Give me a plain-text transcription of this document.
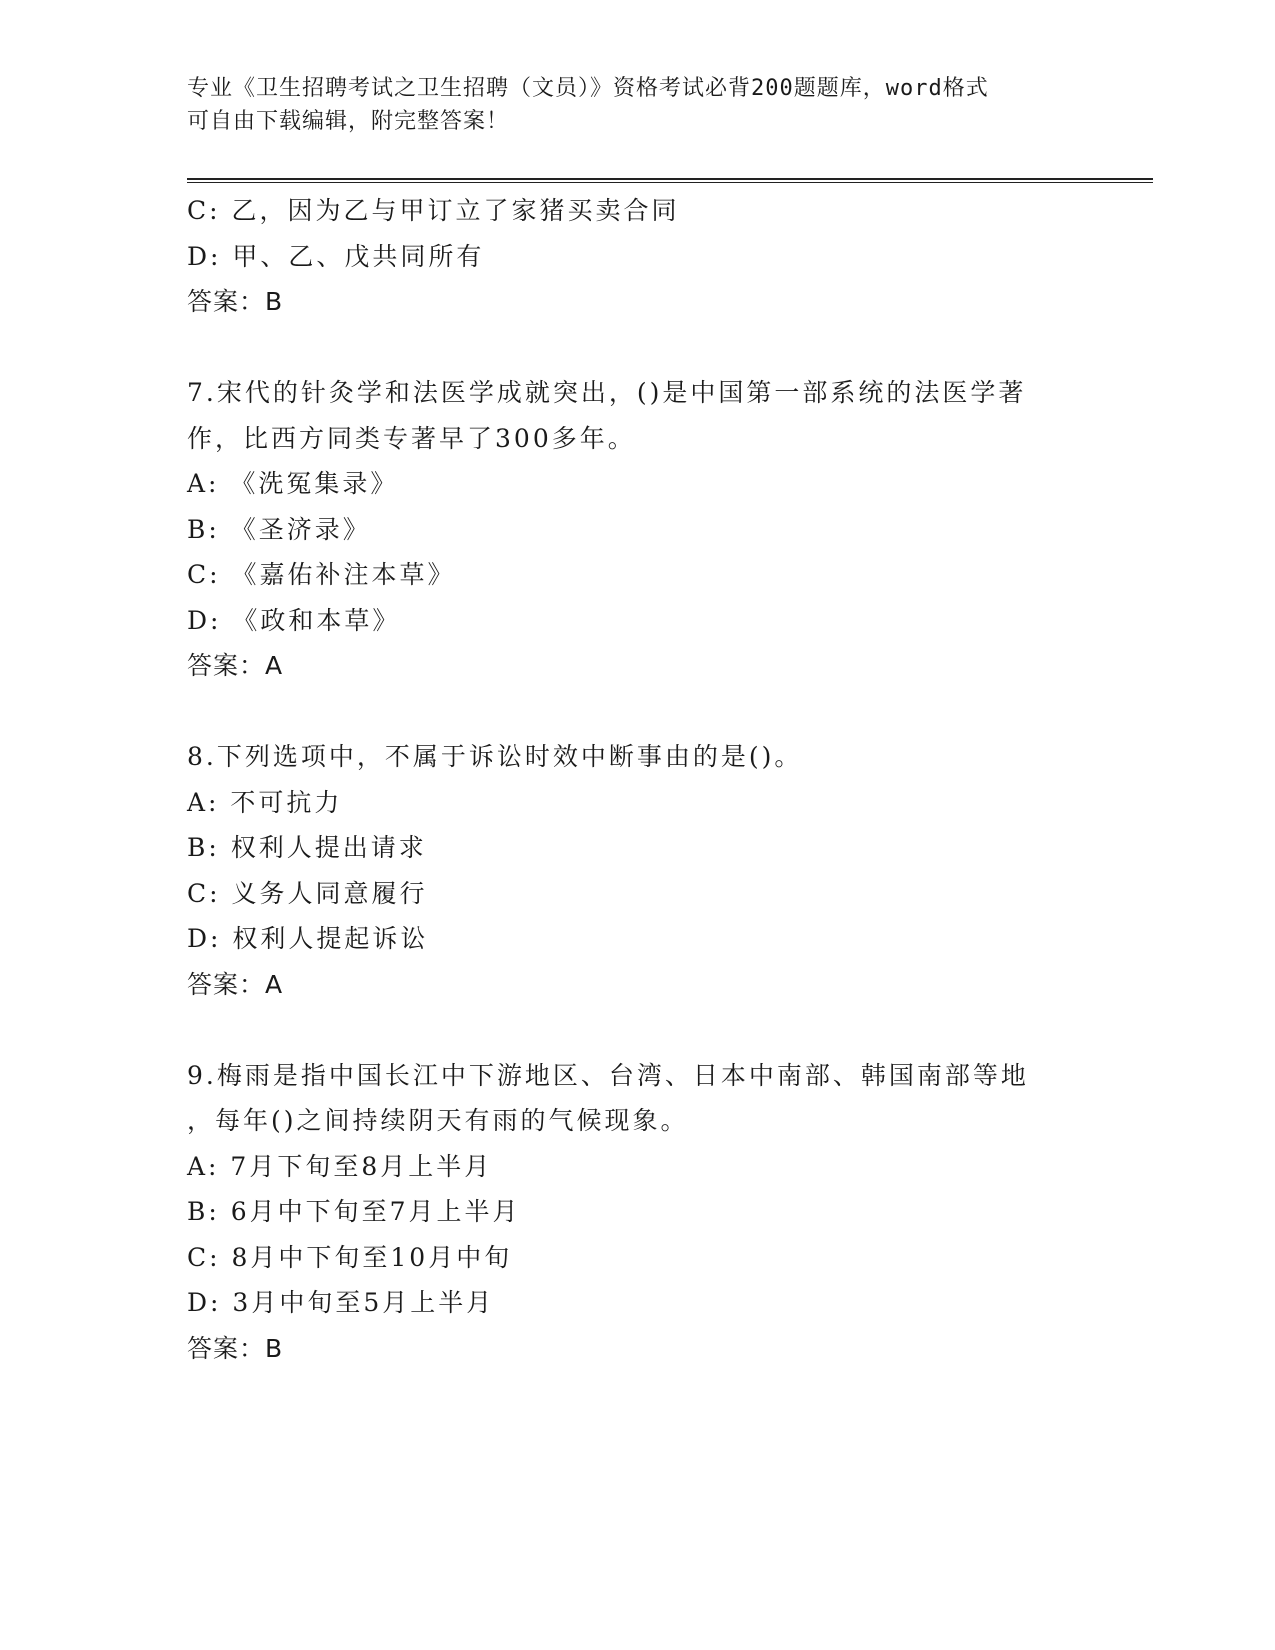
专业《卫生招聘考试之卫生招聘（文员）》资格考试必背200题题库，word格式
可自由下载编辑，附完整答案！
C: 乙，因为乙与甲订立了家猪买卖合同
D: 甲、乙、戊共同所有
答案：B
7.宋代的针灸学和法医学成就突出，()是中国第一部系统的法医学著
作，比西方同类专著早了300多年。
A: 《洗冤集录》
B: 《圣济录》
C: 《嘉佑补注本草》
D: 《政和本草》
答案：A
8.下列选项中，不属于诉讼时效中断事由的是()。
A: 不可抗力
B: 权利人提出请求
C: 义务人同意履行
D: 权利人提起诉讼
答案：A
9.梅雨是指中国长江中下游地区、台湾、日本中南部、韩国南部等地
，每年()之间持续阴天有雨的气候现象。
A: 7月下旬至8月上半月
B: 6月中下旬至7月上半月
C: 8月中下旬至10月中旬
D: 3月中旬至5月上半月
答案：B
